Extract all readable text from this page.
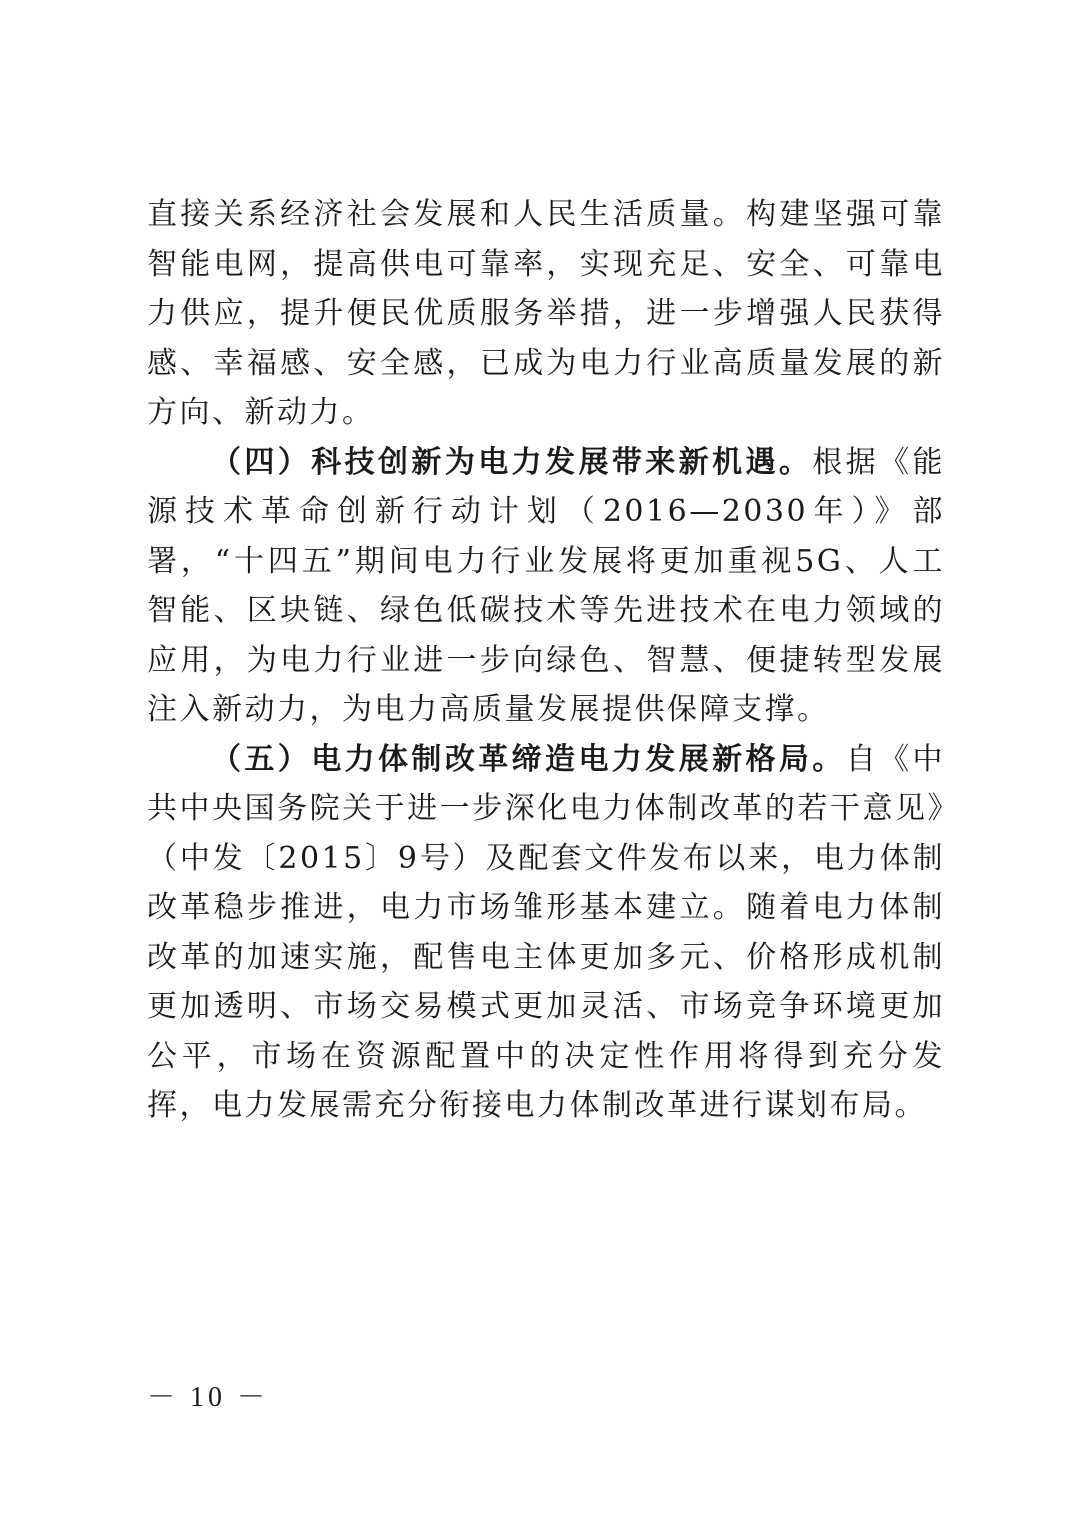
直接关系经济社会发展和人民生活质量。构建坚强可靠智能电网，提高供电可靠率，实现充足、安全、可靠电力供应，提升便民优质服务举措，进一步增强人民获得感、幸福感、安全感，已成为电力行业高质量发展的新方向、新动力。

（四）科技创新为电力发展带来新机遇。根据《能源技术革命创新行动计划（2016—2030年）》部署，“十四五”期间电力行业发展将更加重视5G、人工智能、区块链、绿色低碳技术等先进技术在电力领域的应用，为电力行业进一步向绿色、智慧、便捷转型发展注入新动力，为电力高质量发展提供保障支撑。

（五）电力体制改革缔造电力发展新格局。自《中共中央国务院关于进一步深化电力体制改革的若干意见》（中发〔2015〕9号）及配套文件发布以来，电力体制改革稳步推进，电力市场雏形基本建立。随着电力体制改革的加速实施，配售电主体更加多元、价格形成机制更加透明、市场交易模式更加灵活、市场竞争环境更加公平，市场在资源配置中的决定性作用将得到充分发挥，电力发展需充分衔接电力体制改革进行谋划布局。

－ 10 －
